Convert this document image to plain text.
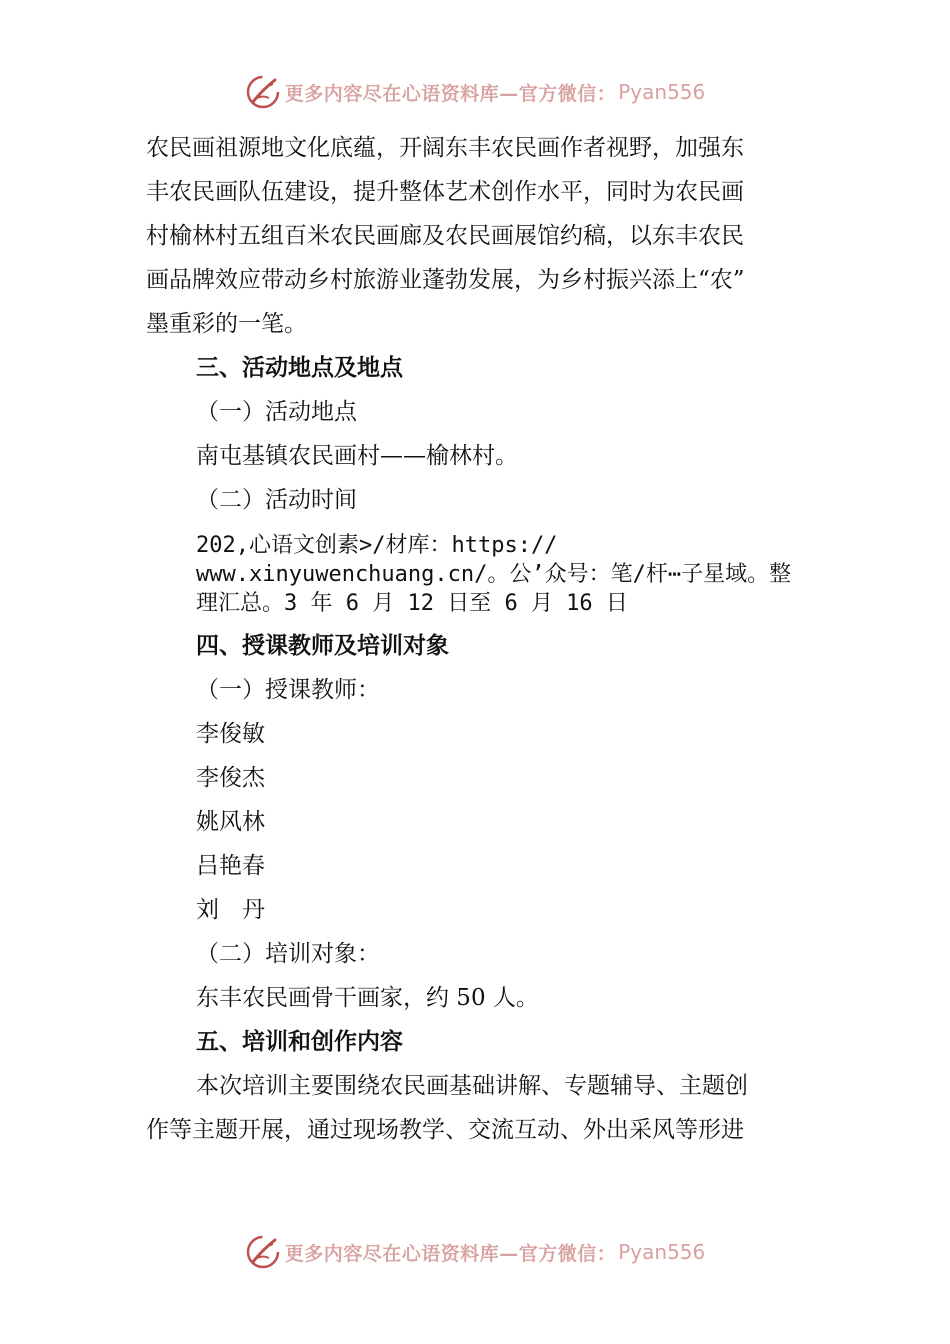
更多内容尽在心语资料库—官方微信： Pyan556
农民画祖源地文化底蕴，开阔东丰农民画作者视野，加强东
丰农民画队伍建设，提升整体艺术创作水平，同时为农民画
村榆林村五组百米农民画廊及农民画展馆约稿，以东丰农民
画品牌效应带动乡村旅游业蓬勃发展，为乡村振兴添上“农”
墨重彩的一笔。
三、活动地点及地点
（一）活动地点
南屯基镇农民画村——榆林村。
（二）活动时间
202,心语文创素>/材库：https://
www.xinyuwenchuang.cn/。公’众号：笔/杆⋯子星域。整
理汇总。3 年 6 月 12 日至 6 月 16 日
四、授课教师及培训对象
（一）授课教师：
李俊敏
李俊杰
姚风林
吕艳春
刘　丹
（二）培训对象：
东丰农民画骨干画家，约 50 人。
五、培训和创作内容
本次培训主要围绕农民画基础讲解、专题辅导、主题创
作等主题开展，通过现场教学、交流互动、外出采风等形进
更多内容尽在心语资料库—官方微信： Pyan556
